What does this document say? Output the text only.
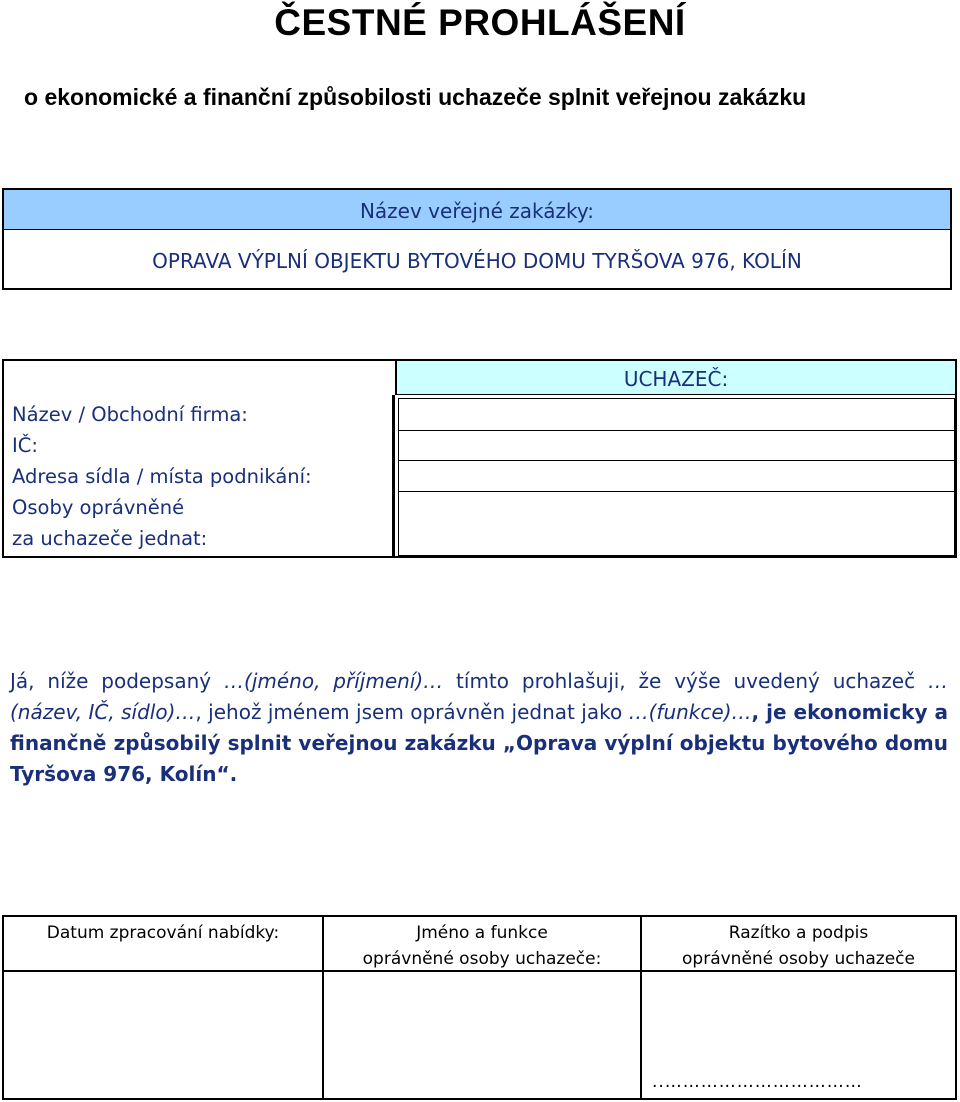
ČESTNÉ PROHLÁŠENÍ
o ekonomické a finanční způsobilosti uchazeče splnit veřejnou zakázku
Název veřejné zakázky:
OPRAVA VÝPLNÍ OBJEKTU BYTOVÉHO DOMU TYRŠOVA 976, KOLÍN
UCHAZEČ:
Název / Obchodní firma:
IČ:
Adresa sídla / místa podnikání:
Osoby oprávněné
za uchazeče jednat:
Já, níže podepsaný …(jméno, příjmení)… tímto prohlašuji, že výše uvedený uchazeč …(název, IČ, sídlo)…, jehož jménem jsem oprávněn jednat jako …(funkce)…, je ekonomicky a finančně způsobilý splnit veřejnou zakázku „Oprava výplní objektu bytového domu Tyršova 976, Kolín“.
Datum zpracování nabídky:	Jméno a funkce
oprávněné osoby uchazeče:
Razítko a podpis
oprávněné osoby uchazeče
..……………………………
